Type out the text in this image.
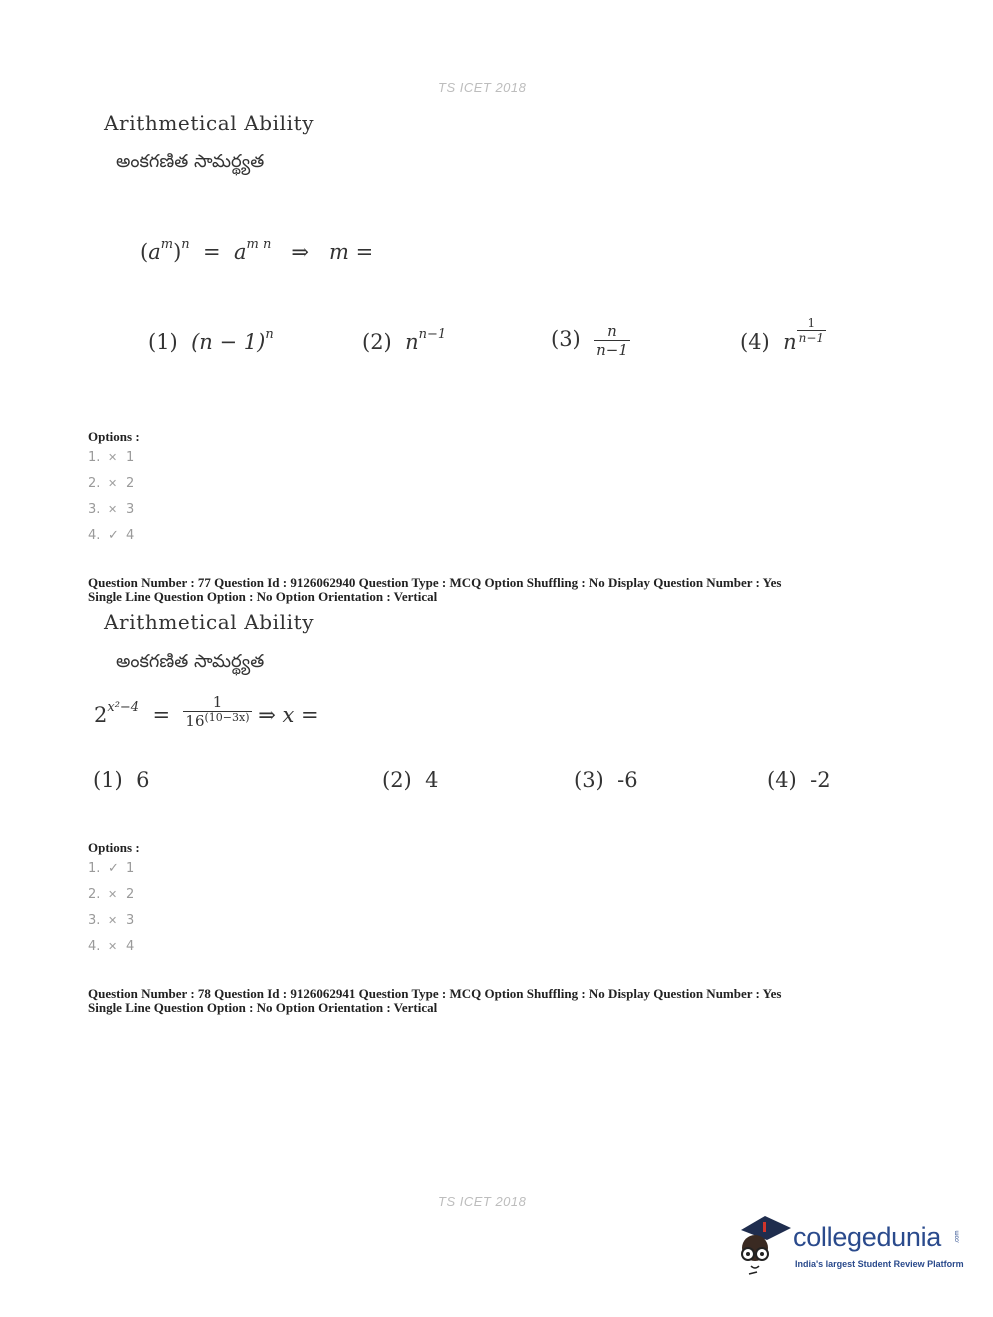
TS ICET 2018
Arithmetical Ability
అంకగణిత సామర్థ్యత
$(a^m)^n = a^{m n}$ ⇒ m =
(1) $(n - 1)^n$	(2) $n^{n-1}$	$(3) \frac{n}{n-1}$	(4) n $\frac{1}{n-1}$
Options :
1. ✕ 1
2. ✕ 2
3. ✕ 3
4. ✓ 4
Question Number : 77 Question Id : 9126062940 Question Type : MCQ Option Shuffling : No Display Question Number : Yes
Single Line Question Option : No Option Orientation : Vertical
Arithmetical Ability
అంకగణిత సామర్థ్యత
$2^{x^2-4} = \frac{1}{16^{(10-3x)}}$ ⇒ x =
(1) 6	(2) 4	(3) -6	(4) -2
Options :
1. ✓ 1
2. ✕ 2
3. ✕ 3
4. ✕ 4
Question Number : 78 Question Id : 9126062941 Question Type : MCQ Option Shuffling : No Display Question Number : Yes
Single Line Question Option : No Option Orientation : Vertical
TS ICET 2018
collegedunia .com
India's largest Student Review Platform
